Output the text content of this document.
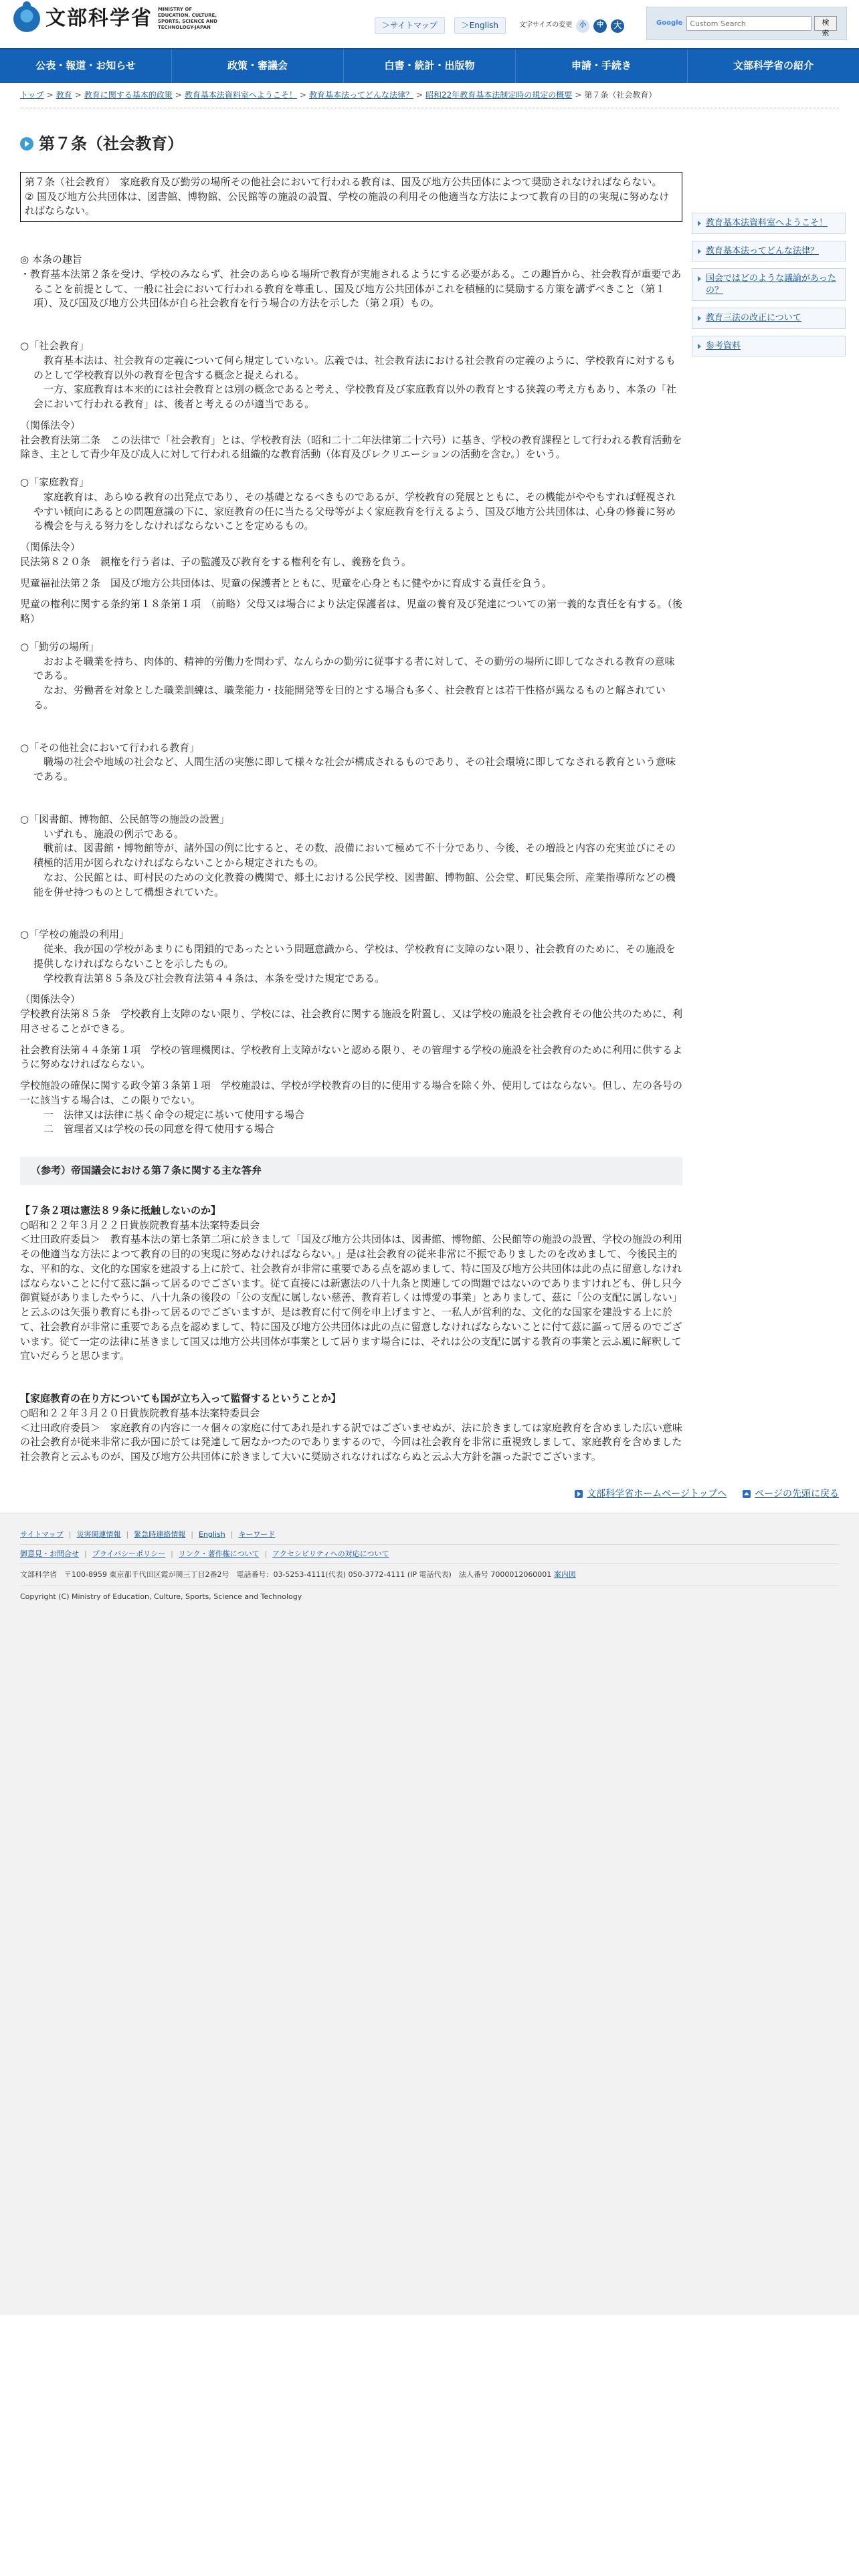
文部科学省 MINISTRY OF EDUCATION, CULTURE, SPORTS, SCIENCE AND TECHNOLOGY-JAPAN	＞サイトマップ	＞English	文字サイズの変更	小	中	大	Google
Custom Search	検索
公表・報道・お知らせ	政策・審議会	白書・統計・出版物	申請・手続き	文部科学省の紹介
トップ > 教育 > 教育に関する基本的政策 > 教育基本法資料室へようこそ！ > 教育基本法ってどんな法律？ > 昭和22年教育基本法制定時の規定の概要 > 第７条（社会教育）
第７条（社会教育）

第７条（社会教育）　家庭教育及び勤労の場所その他社会において行われる教育は、国及び地方公共団体によつて奨励されなければならない。

② 国及び地方公共団体は、図書館、博物館、公民館等の施設の設置、学校の施設の利用その他適当な方法によつて教育の目的の実現に努めなければならない。

◎ 本条の趣旨

・教育基本法第２条を受け、学校のみならず、社会のあらゆる場所で教育が実施されるようにする必要がある。この趣旨から、社会教育が重要であることを前提として、一般に社会において行われる教育を尊重し、国及び地方公共団体がこれを積極的に奨励する方策を講ずべきこと（第１項）、及び国及び地方公共団体が自ら社会教育を行う場合の方法を示した（第２項）もの。

○「社会教育」

　教育基本法は、社会教育の定義について何ら規定していない。広義では、社会教育法における社会教育の定義のように、学校教育に対するものとして学校教育以外の教育を包含する概念と捉えられる。

　一方、家庭教育は本来的には社会教育とは別の概念であると考え、学校教育及び家庭教育以外の教育とする狭義の考え方もあり、本条の「社会において行われる教育」は、後者と考えるのが適当である。

（関係法令）

社会教育法第二条　この法律で「社会教育」とは、学校教育法（昭和二十二年法律第二十六号）に基き、学校の教育課程として行われる教育活動を除き、主として青少年及び成人に対して行われる組織的な教育活動（体育及びレクリエーションの活動を含む。）をいう。

○「家庭教育」

　家庭教育は、あらゆる教育の出発点であり、その基礎となるべきものであるが、学校教育の発展とともに、その機能がややもすれば軽視されやすい傾向にあるとの問題意識の下に、家庭教育の任に当たる父母等がよく家庭教育を行えるよう、国及び地方公共団体は、心身の修養に努める機会を与える努力をしなければならないことを定めるもの。

（関係法令）

民法第８２０条　親権を行う者は、子の監護及び教育をする権利を有し、義務を負う。

児童福祉法第２条　国及び地方公共団体は、児童の保護者とともに、児童を心身ともに健やかに育成する責任を負う。

児童の権利に関する条約第１８条第１項　（前略）父母又は場合により法定保護者は、児童の養育及び発達についての第一義的な責任を有する。（後略）

○「勤労の場所」

　おおよそ職業を持ち、肉体的、精神的労働力を問わず、なんらかの勤労に従事する者に対して、その勤労の場所に即してなされる教育の意味である。

　なお、労働者を対象とした職業訓練は、職業能力・技能開発等を目的とする場合も多く、社会教育とは若干性格が異なるものと解されている。

○「その他社会において行われる教育」

　職場の社会や地域の社会など、人間生活の実態に即して様々な社会が構成されるものであり、その社会環境に即してなされる教育という意味である。

○「図書館、博物館、公民館等の施設の設置」

　いずれも、施設の例示である。

　戦前は、図書館・博物館等が、諸外国の例に比すると、その数、設備において極めて不十分であり、今後、その増設と内容の充実並びにその積極的活用が図られなければならないことから規定されたもの。

　なお、公民館とは、町村民のための文化教養の機関で、郷土における公民学校、図書館、博物館、公会堂、町民集会所、産業指導所などの機能を併せ持つものとして構想されていた。

○「学校の施設の利用」

　従来、我が国の学校があまりにも閉鎖的であったという問題意識から、学校は、学校教育に支障のない限り、社会教育のために、その施設を提供しなければならないことを示したもの。

　学校教育法第８５条及び社会教育法第４４条は、本条を受けた規定である。

（関係法令）

学校教育法第８５条　学校教育上支障のない限り、学校には、社会教育に関する施設を附置し、又は学校の施設を社会教育その他公共のために、利用させることができる。

社会教育法第４４条第１項　学校の管理機関は、学校教育上支障がないと認める限り、その管理する学校の施設を社会教育のために利用に供するように努めなければならない。

学校施設の確保に関する政令第３条第１項　学校施設は、学校が学校教育の目的に使用する場合を除く外、使用してはならない。但し、左の各号の一に該当する場合は、この限りでない。

　一　法律又は法律に基く命令の規定に基いて使用する場合

　二　管理者又は学校の長の同意を得て使用する場合

（参考）帝国議会における第７条に関する主な答弁

【７条２項は憲法８９条に抵触しないのか】

○昭和２２年３月２２日貴族院教育基本法案特委員会

＜辻田政府委員＞　教育基本法の第七条第二項に於きまして「国及び地方公共団体は、図書館、博物館、公民館等の施設の設置、学校の施設の利用その他適当な方法によつて教育の目的の実現に努めなければならない。」是は社会教育の従来非常に不振でありましたのを改めまして、今後民主的な、平和的な、文化的な国家を建設する上に於て、社会教育が非常に重要である点を認めまして、特に国及び地方公共団体は此の点に留意しなければならないことに付て茲に謳って居るのでございます。従て直接には新憲法の八十九条と関連しての問題ではないのでありますけれども、併し只今御質疑がありましたやうに、八十九条の後段の「公の支配に属しない慈善、教育若しくは博愛の事業」とありまして、茲に「公の支配に属しない」と云ふのは矢張り教育にも掛って居るのでございますが、是は教育に付て例を申上げますと、一私人が営利的な、文化的な国家を建設する上に於て、社会教育が非常に重要である点を認めまして、特に国及び地方公共団体は此の点に留意しなければならないことに付て茲に謳って居るのでございます。従て一定の法律に基きまして国又は地方公共団体が事業として居ります場合には、それは公の支配に属する教育の事業と云ふ風に解釈して宜いだらうと思ひます。

【家庭教育の在り方についても国が立ち入って監督するということか】

○昭和２２年３月２０日貴族院教育基本法案特委員会

＜辻田政府委員＞　家庭教育の内容に一々個々の家庭に付てあれ是れする訳ではございませぬが、法に於きましては家庭教育を含めました広い意味の社会教育が従来非常に我が国に於ては発達して居なかつたのでありまするので、今回は社会教育を非常に重視致しまして、家庭教育を含めました社会教育と云ふものが、国及び地方公共団体に於きまして大いに奨励されなければならぬと云ふ大方針を謳った訳でございます。

教育基本法資料室へようこそ！
教育基本法ってどんな法律？
国会ではどのような議論があったの？
教育三法の改正について
参考資料
文部科学省ホームページトップへ	ページの先頭に戻る
サイトマップ | 災害関連情報 | 緊急時連絡情報 | English | キーワード
御意見・お問合せ | プライバシーポリシー | リンク・著作権について | アクセシビリティへの対応について
文部科学省　〒100-8959 東京都千代田区霞が関三丁目2番2号　電話番号：03-5253-4111(代表) 050-3772-4111 (IP 電話代表)　法人番号 7000012060001 案内図
Copyright (C) Ministry of Education, Culture, Sports, Science and Technology
